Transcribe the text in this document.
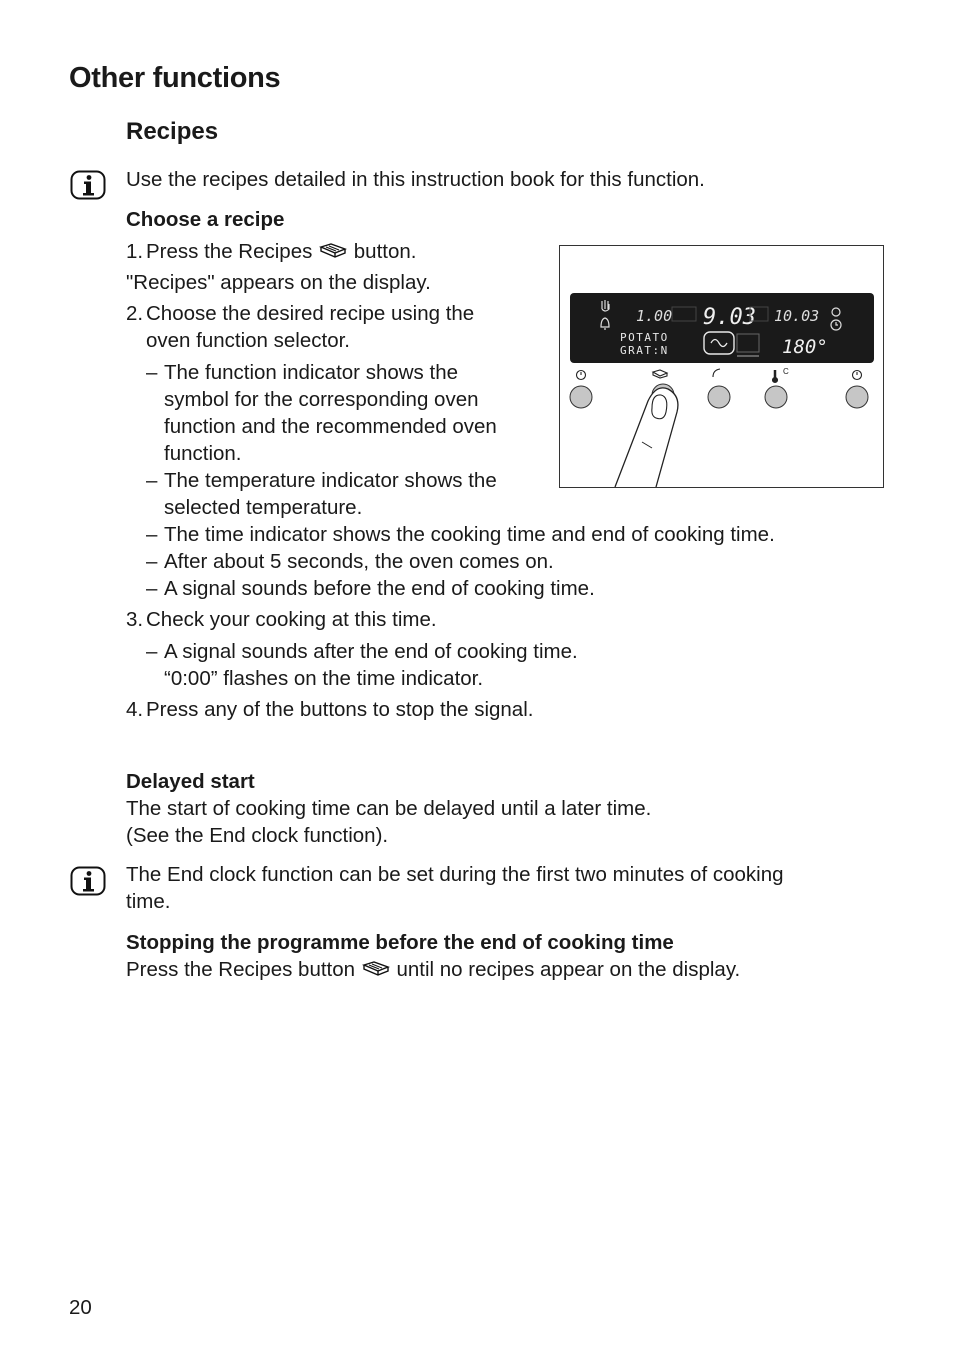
Other functions
Recipes
Use the recipes detailed in this instruction book for this function.
Choose a recipe
1. Press the Recipes button.
"Recipes" appears on the display.
2. Choose the desired recipe using the
oven function selector.
– The function indicator shows the
symbol for the corresponding oven
function and the recommended oven
function.
– The temperature indicator shows the
selected temperature.
– The time indicator shows the cooking time and end of cooking time.
– After about 5 seconds, the oven comes on.
– A signal sounds before the end of cooking time.
3. Check your cooking at this time.
– A signal sounds after the end of cooking time.
“0:00” flashes on the time indicator.
4. Press any of the buttons to stop the signal.
Delayed start
The start of cooking time can be delayed until a later time.
(See the End clock function).
The End clock function can be set during the first two minutes of cooking
time.
Stopping the programme before the end of cooking time
Press the Recipes button until no recipes appear on the display.
1.00 9.03 10.03
POTATO
GRAT:N	180°
C
20
